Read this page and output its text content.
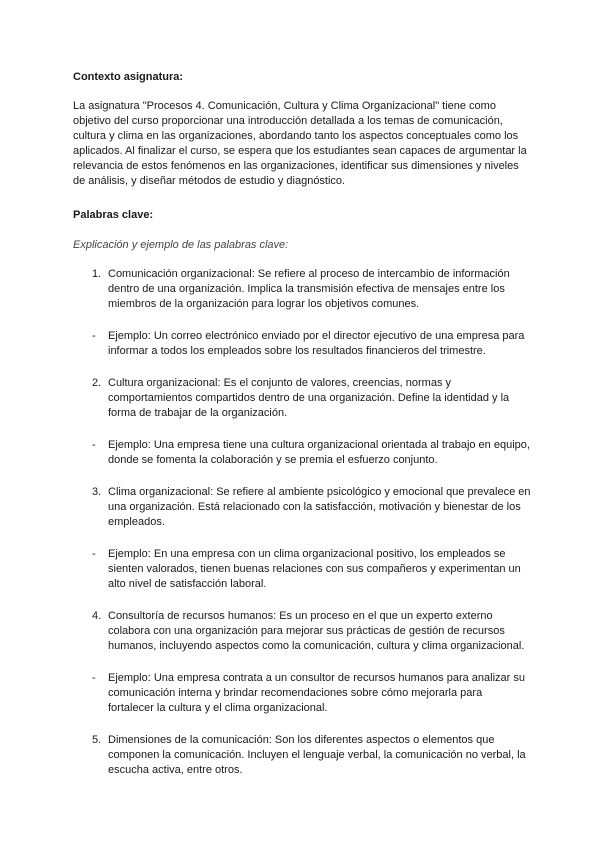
Contexto asignatura:

La asignatura "Procesos 4. Comunicación, Cultura y Clima Organizacional" tiene como objetivo del curso proporcionar una introducción detallada a los temas de comunicación, cultura y clima en las organizaciones, abordando tanto los aspectos conceptuales como los aplicados. Al finalizar el curso, se espera que los estudiantes sean capaces de argumentar la relevancia de estos fenómenos en las organizaciones, identificar sus dimensiones y niveles de análisis, y diseñar métodos de estudio y diagnóstico.

Palabras clave:

Explicación y ejemplo de las palabras clave:

1. Comunicación organizacional: Se refiere al proceso de intercambio de información dentro de una organización. Implica la transmisión efectiva de mensajes entre los miembros de la organización para lograr los objetivos comunes.
- Ejemplo: Un correo electrónico enviado por el director ejecutivo de una empresa para informar a todos los empleados sobre los resultados financieros del trimestre.
2. Cultura organizacional: Es el conjunto de valores, creencias, normas y comportamientos compartidos dentro de una organización. Define la identidad y la forma de trabajar de la organización.
- Ejemplo: Una empresa tiene una cultura organizacional orientada al trabajo en equipo, donde se fomenta la colaboración y se premia el esfuerzo conjunto.
3. Clima organizacional: Se refiere al ambiente psicológico y emocional que prevalece en una organización. Está relacionado con la satisfacción, motivación y bienestar de los empleados.
- Ejemplo: En una empresa con un clima organizacional positivo, los empleados se sienten valorados, tienen buenas relaciones con sus compañeros y experimentan un alto nivel de satisfacción laboral.
4. Consultoría de recursos humanos: Es un proceso en el que un experto externo colabora con una organización para mejorar sus prácticas de gestión de recursos humanos, incluyendo aspectos como la comunicación, cultura y clima organizacional.
- Ejemplo: Una empresa contrata a un consultor de recursos humanos para analizar su comunicación interna y brindar recomendaciones sobre cómo mejorarla para fortalecer la cultura y el clima organizacional.
5. Dimensiones de la comunicación: Son los diferentes aspectos o elementos que componen la comunicación. Incluyen el lenguaje verbal, la comunicación no verbal, la escucha activa, entre otros.
